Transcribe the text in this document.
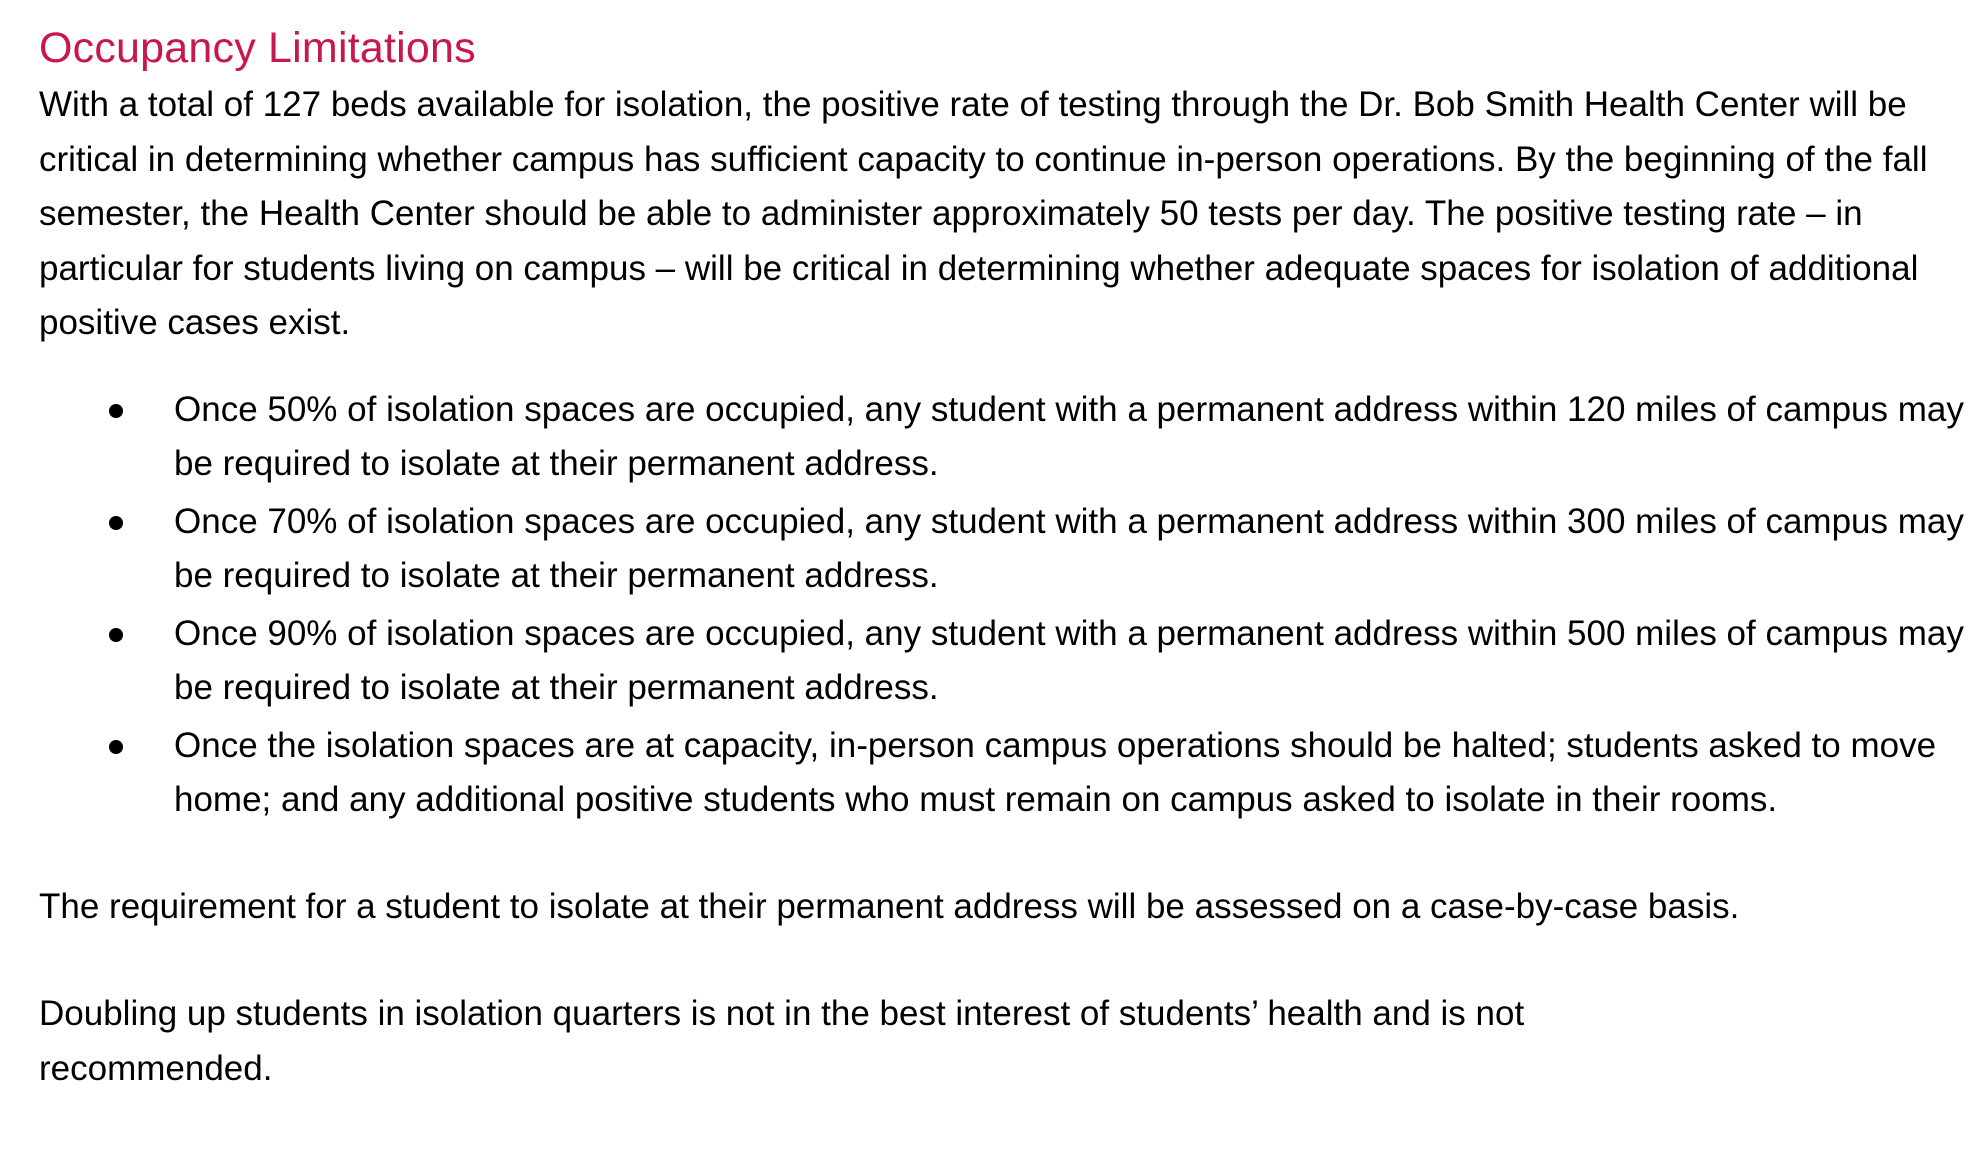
Occupancy Limitations

With a total of 127 beds available for isolation, the positive rate of testing through the Dr. Bob Smith Health Center will be critical in determining whether campus has sufficient capacity to continue in-person operations. By the beginning of the fall semester, the Health Center should be able to administer approximately 50 tests per day. The positive testing rate – in particular for students living on campus – will be critical in determining whether adequate spaces for isolation of additional positive cases exist.

Once 50% of isolation spaces are occupied, any student with a permanent address within 120 miles of campus may be required to isolate at their permanent address.
Once 70% of isolation spaces are occupied, any student with a permanent address within 300 miles of campus may be required to isolate at their permanent address.
Once 90% of isolation spaces are occupied, any student with a permanent address within 500 miles of campus may be required to isolate at their permanent address.
Once the isolation spaces are at capacity, in-person campus operations should be halted; students asked to move home; and any additional positive students who must remain on campus asked to isolate in their rooms.

The requirement for a student to isolate at their permanent address will be assessed on a case-by-case basis.

Doubling up students in isolation quarters is not in the best interest of students’ health and is not recommended.
